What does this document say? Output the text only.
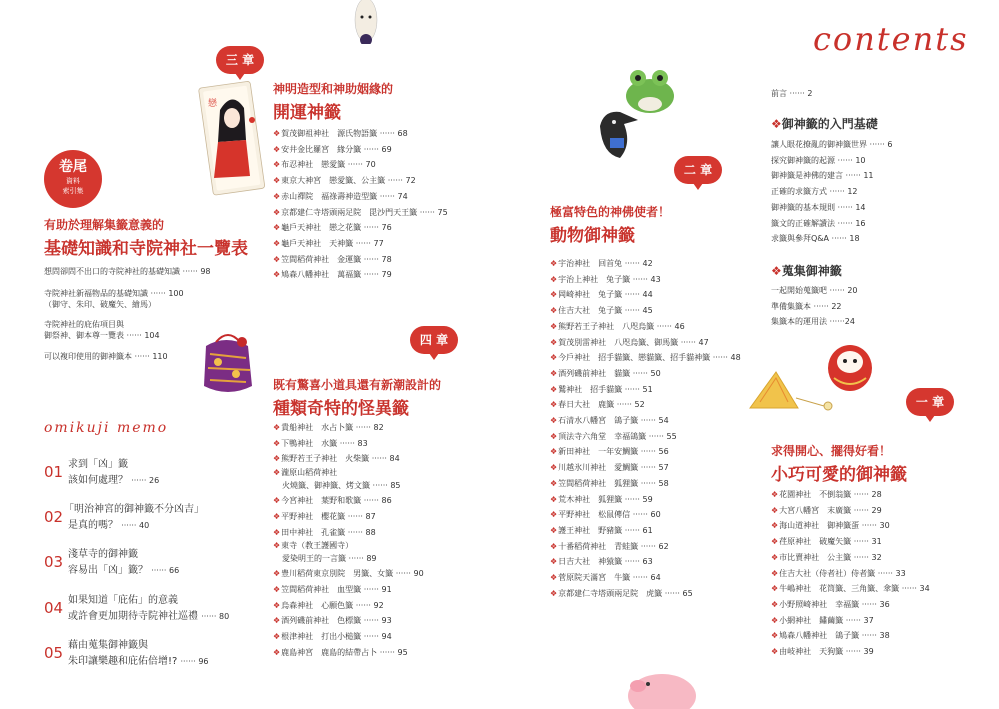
戀
contents
前言 ······ 2
❖御神籤的入門基礎
讓人眼花撩亂的御神籤世界 ······ 6
探究御神籤的起源 ······ 10
御神籤是神佛的建言 ······ 11
正確的求籤方式 ······ 12
御神籤的基本規則 ······ 14
籤文的正確解讀法 ······ 16
求籤與參拜Q&A ······ 18
❖蒐集御神籤
一起開始蒐籤吧 ······ 20
準備集籤本 ······ 22
集籤本的運用法 ······24
卷尾
資料
索引集
有助於理解集籤意義的
基礎知識和寺院神社一覽表
想問卻問不出口的寺院神社的基礎知識 ······ 98
寺院神社新福物品的基礎知識 ······ 100
（御守、朱印、破魔矢、繪馬）
寺院神社的庇佑項目與
御祭神、御本尊一覽表 ······ 104
可以複印使用的御神籤本 ······ 110
omikuji memo
01 求到「凶」籤
該如何處理？ ······ 26
02 「明治神宮的御神籤不分凶吉」
是真的嗎？ ······ 40
03 淺草寺的御神籤
容易出「凶」籤？ ······ 66
04 如果知道「庇佑」的意義
或許會更加期待寺院神社巡禮 ······ 80
05 藉由蒐集御神籤與
朱印讓樂趣和庇佑倍增!? ······ 96
三 章
神明造型和神助姻緣的
開運神籤
❖賀茂御祖神社　源氏物語籤 ······ 68
❖安井金比羅宮　緣分籤 ······ 69
❖布忍神社　戀愛籤 ······ 70
❖東京大神宮　戀愛籤、公主籤 ······ 72
❖赤山禪院　福祿壽神造型籤 ······ 74
❖京都建仁寺塔頭兩足院　毘沙門天王籤 ······ 75
❖龜戶天神社　戀之花籤 ······ 76
❖龜戶天神社　天神籤 ······ 77
❖笠間稻荷神社　金運籤 ······ 78
❖鳩森八幡神社　萬福籤 ······ 79
四 章
既有驚喜小道具還有新潮設計的
種類奇特的怪異籤
❖貴船神社　水占卜籤 ······ 82
❖下鴨神社　水籤 ······ 83
❖熊野若王子神社　火柴籤 ······ 84
❖瀧原山稻荷神社
火燒籤、御神籤、烤文籤 ······ 85
❖今宮神社　葉野和歌籤 ······ 86
❖平野神社　櫻花籤 ······ 87
❖田中神社　孔雀籤 ······ 88
❖東寺（教王護國寺）
愛染明王的一言籤 ······ 89
❖豊川稻荷東京別院　男籤、女籤 ······ 90
❖笠間稻荷神社　血型籤 ······ 91
❖烏森神社　心願色籤 ······ 92
❖酒列磯前神社　色標籤 ······ 93
❖根津神社　打出小槌籤 ······ 94
❖鹿島神宮　鹿島的結帶占卜 ······ 95
二 章
極富特色的神佛使者！
動物御神籤
❖宇治神社　回首兔 ······ 42
❖宇治上神社　兔子籤 ······ 43
❖岡崎神社　兔子籤 ······ 44
❖住吉大社　兔子籤 ······ 45
❖熊野若王子神社　八咫烏籤 ······ 46
❖賀茂別雷神社　八咫烏籤、御馬籤 ······ 47
❖今戶神社　招手貓籤、戀貓籤、招手貓神籤 ······ 48
❖酒列磯前神社　貓籤 ······ 50
❖鷲神社　招手貓籤 ······ 51
❖春日大社　鹿籤 ······ 52
❖石清水八幡宮　鴿子籤 ······ 54
❖頂法寺六角堂　幸福鴿籤 ······ 55
❖新田神社　一年安鯛籤 ······ 56
❖川越氷川神社　愛鯛籤 ······ 57
❖笠間稻荷神社　狐狸籤 ······ 58
❖荒木神社　狐狸籤 ······ 59
❖平野神社　松鼠傳信 ······ 60
❖護王神社　野豬籤 ······ 61
❖十番稻荷神社　青蛙籤 ······ 62
❖日吉大社　神猿籤 ······ 63
❖菅原院天滿宮　牛籤 ······ 64
❖京都建仁寺塔頭兩足院　虎籤 ······ 65
一 章
求得開心、擺得好看！
小巧可愛的御神籤
❖花園神社　不倒翁籤 ······ 28
❖大宮八幡宮　末廣籤 ······ 29
❖海山道神社　御神籤蛋 ······ 30
❖荏原神社　破魔矢籤 ······ 31
❖市比賣神社　公主籤 ······ 32
❖住吉大社（侍者社）侍者籤 ······ 33
❖牛嶋神社　花筒籤、三角籤、傘籤 ······ 34
❖小野照崎神社　幸福籤 ······ 36
❖小網神社　鏽繭籤 ······ 37
❖鳩森八幡神社　鴿子籤 ······ 38
❖由岐神社　天狗籤 ······ 39
